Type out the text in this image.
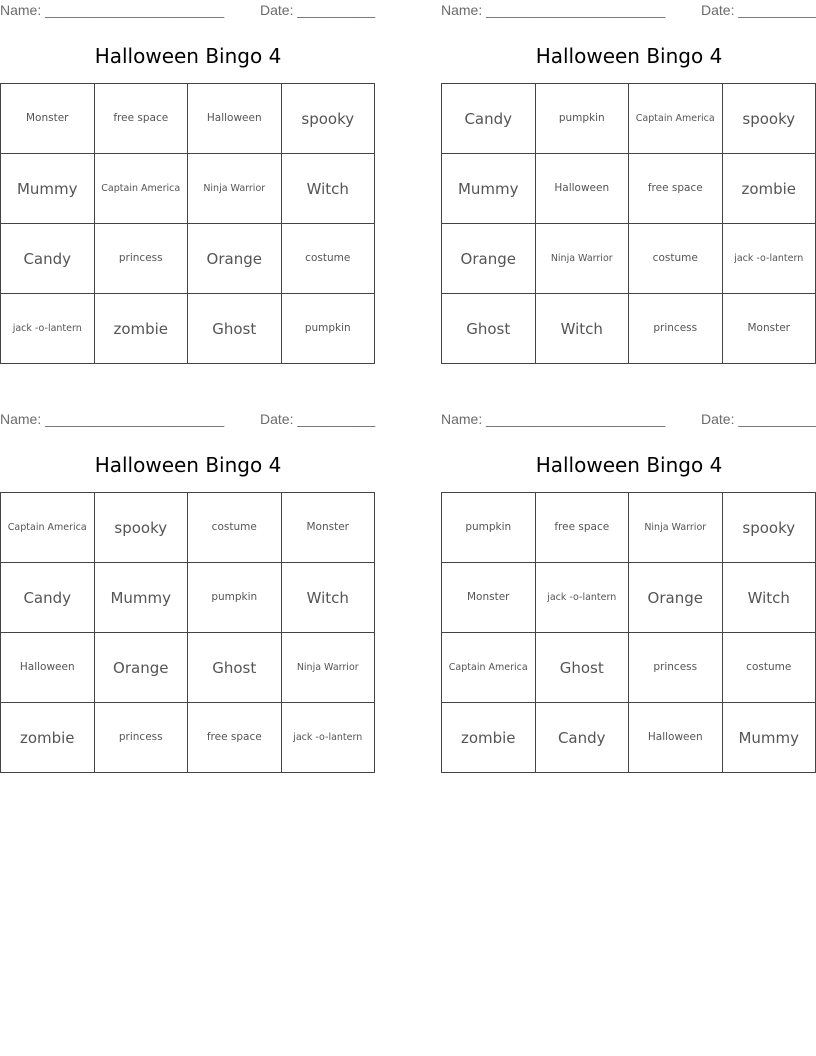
Name: _______________________	Date: __________
Halloween Bingo 4
Monster	free space	Halloween	spooky
Mummy	Captain America	Ninja Warrior	Witch
Candy	princess	Orange	costume
jack -o-lantern	zombie	Ghost	pumpkin
Name: _______________________	Date: __________
Halloween Bingo 4
Candy	pumpkin	Captain America	spooky
Mummy	Halloween	free space	zombie
Orange	Ninja Warrior	costume	jack -o-lantern
Ghost	Witch	princess	Monster
Name: _______________________	Date: __________
Halloween Bingo 4
Captain America	spooky	costume	Monster
Candy	Mummy	pumpkin	Witch
Halloween	Orange	Ghost	Ninja Warrior
zombie	princess	free space	jack -o-lantern
Name: _______________________	Date: __________
Halloween Bingo 4
pumpkin	free space	Ninja Warrior	spooky
Monster	jack -o-lantern	Orange	Witch
Captain America	Ghost	princess	costume
zombie	Candy	Halloween	Mummy
